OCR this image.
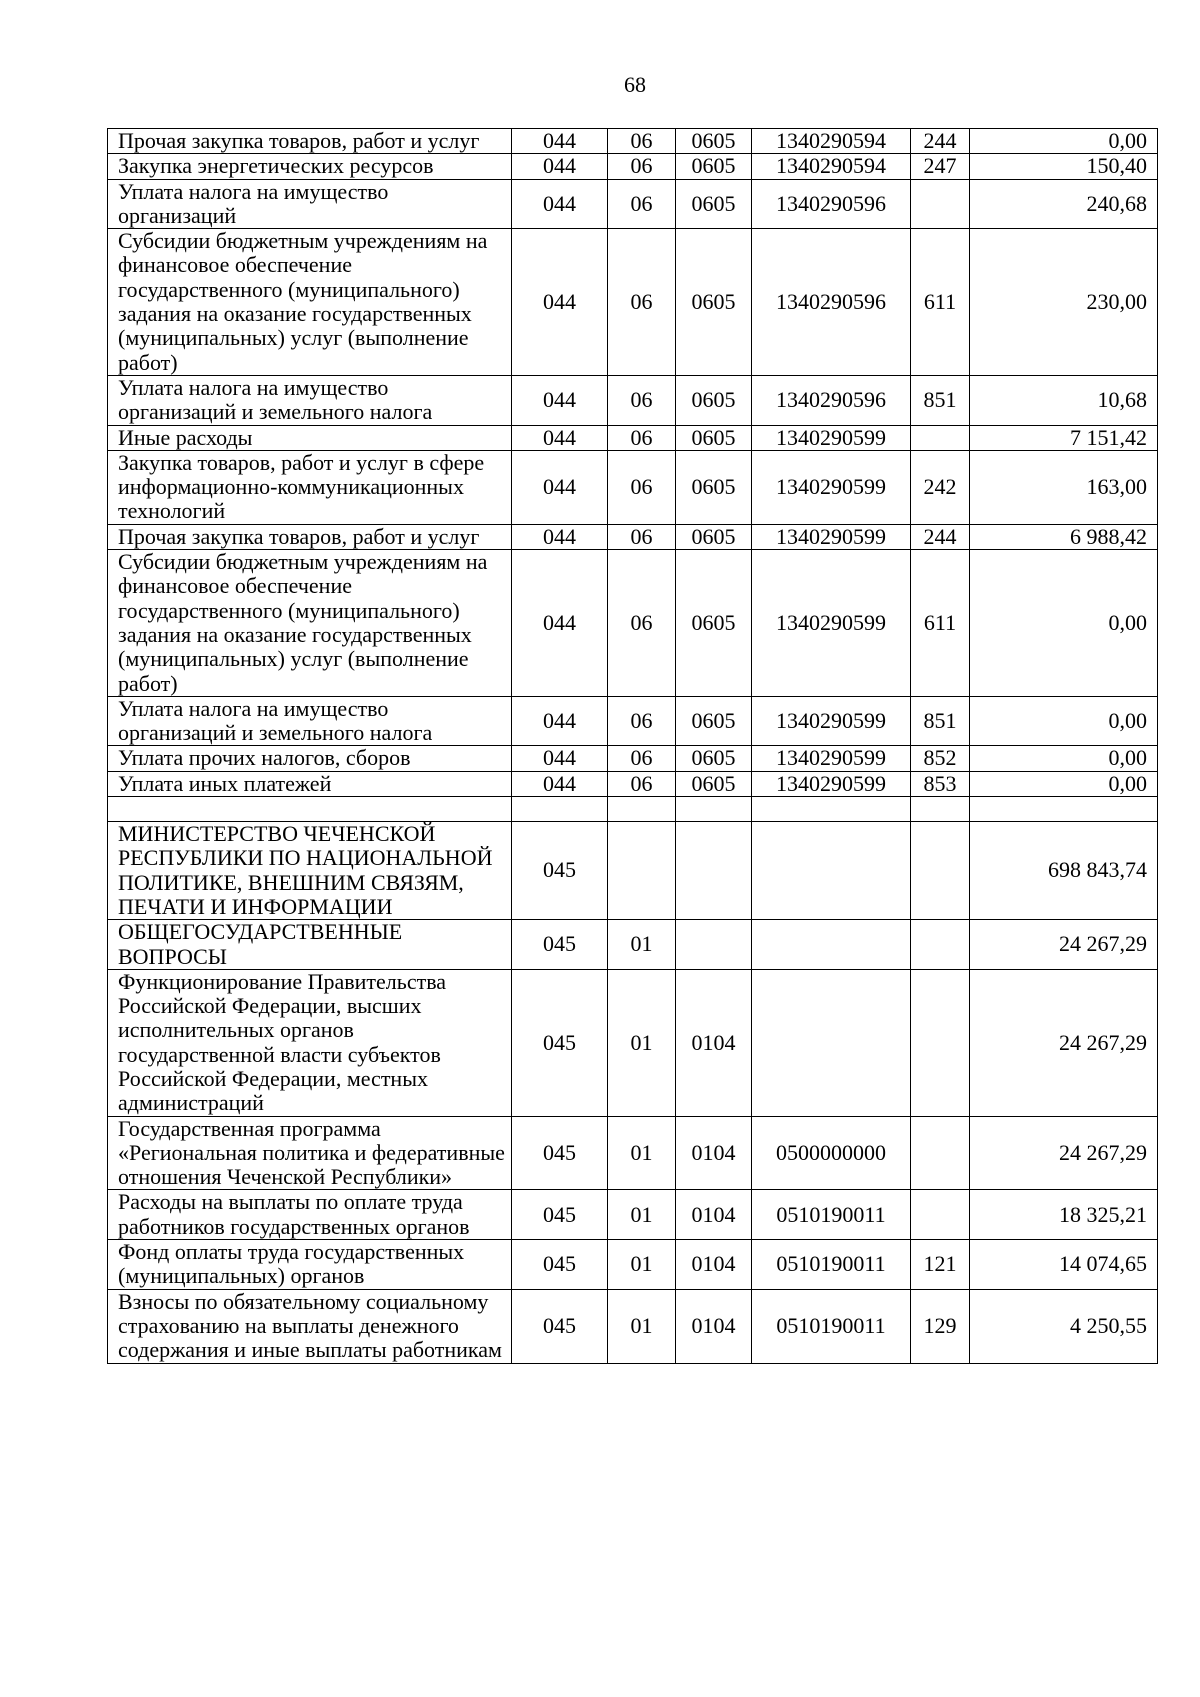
68
Прочая закупка товаров, работ и услуг	044	06	0605	1340290594	244	0,00
Закупка энергетических ресурсов	044	06	0605	1340290594	247	150,40
Уплата налога на имущество организаций	044	06	0605	1340290596		240,68
Субсидии бюджетным учреждениям на финансовое обеспечение государственного (муниципального) задания на оказание государственных (муниципальных) услуг (выполнение работ)	044	06	0605	1340290596	611	230,00
Уплата налога на имущество организаций и земельного налога	044	06	0605	1340290596	851	10,68
Иные расходы	044	06	0605	1340290599		7 151,42
Закупка товаров, работ и услуг в сфере информационно-коммуникационных технологий	044	06	0605	1340290599	242	163,00
Прочая закупка товаров, работ и услуг	044	06	0605	1340290599	244	6 988,42
Субсидии бюджетным учреждениям на финансовое обеспечение государственного (муниципального) задания на оказание государственных (муниципальных) услуг (выполнение работ)	044	06	0605	1340290599	611	0,00
Уплата налога на имущество организаций и земельного налога	044	06	0605	1340290599	851	0,00
Уплата прочих налогов, сборов	044	06	0605	1340290599	852	0,00
Уплата иных платежей	044	06	0605	1340290599	853	0,00

МИНИСТЕРСТВО ЧЕЧЕНСКОЙ РЕСПУБЛИКИ ПО НАЦИОНАЛЬНОЙ ПОЛИТИКЕ, ВНЕШНИМ СВЯЗЯМ, ПЕЧАТИ И ИНФОРМАЦИИ	045					698 843,74
ОБЩЕГОСУДАРСТВЕННЫЕ ВОПРОСЫ	045	01				24 267,29
Функционирование Правительства Российской Федерации, высших исполнительных органов государственной власти субъектов Российской Федерации, местных администраций	045	01	0104			24 267,29
Государственная программа «Региональная политика и федеративные отношения Чеченской Республики»	045	01	0104	0500000000		24 267,29
Расходы на выплаты по оплате труда работников государственных органов	045	01	0104	0510190011		18 325,21
Фонд оплаты труда государственных (муниципальных) органов	045	01	0104	0510190011	121	14 074,65
Взносы по обязательному социальному страхованию на выплаты денежного содержания и иные выплаты работникам	045	01	0104	0510190011	129	4 250,55
